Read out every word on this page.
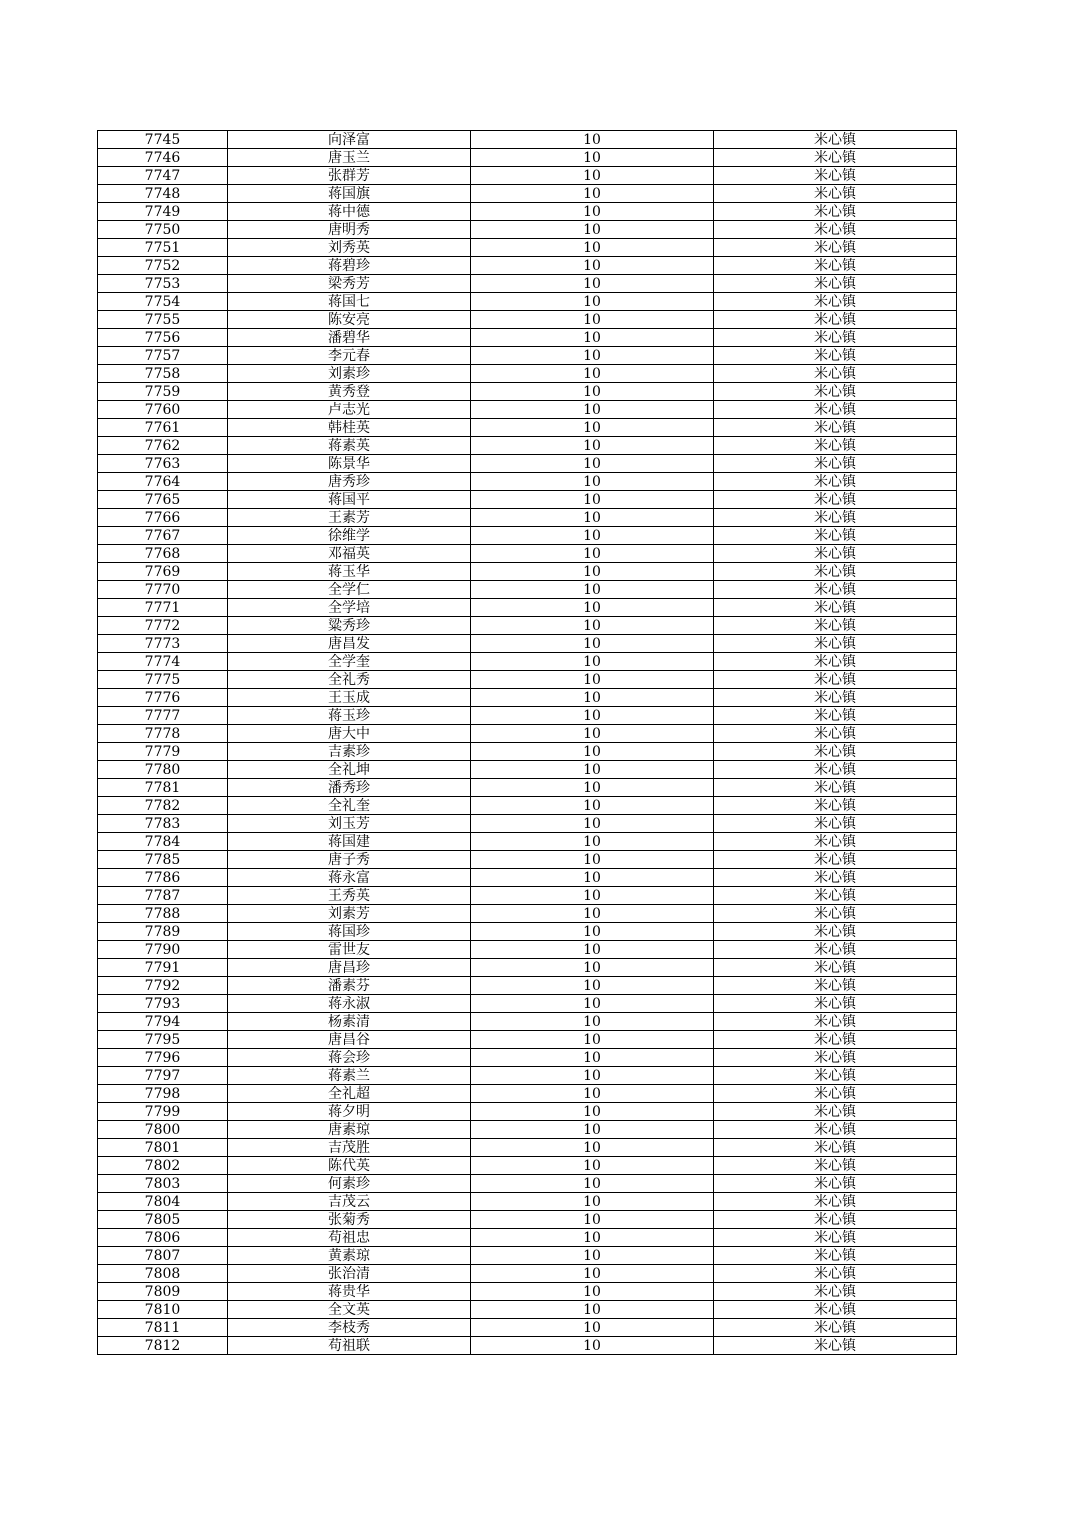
7745	向泽富	10	米心镇
7746	唐玉兰	10	米心镇
7747	张群芳	10	米心镇
7748	蒋国旗	10	米心镇
7749	蒋中德	10	米心镇
7750	唐明秀	10	米心镇
7751	刘秀英	10	米心镇
7752	蒋碧珍	10	米心镇
7753	梁秀芳	10	米心镇
7754	蒋国七	10	米心镇
7755	陈安亮	10	米心镇
7756	潘碧华	10	米心镇
7757	李元春	10	米心镇
7758	刘素珍	10	米心镇
7759	黄秀登	10	米心镇
7760	卢志光	10	米心镇
7761	韩桂英	10	米心镇
7762	蒋素英	10	米心镇
7763	陈景华	10	米心镇
7764	唐秀珍	10	米心镇
7765	蒋国平	10	米心镇
7766	王素芳	10	米心镇
7767	徐维学	10	米心镇
7768	邓福英	10	米心镇
7769	蒋玉华	10	米心镇
7770	全学仁	10	米心镇
7771	全学培	10	米心镇
7772	粱秀珍	10	米心镇
7773	唐昌发	10	米心镇
7774	全学奎	10	米心镇
7775	全礼秀	10	米心镇
7776	王玉成	10	米心镇
7777	蒋玉珍	10	米心镇
7778	唐大中	10	米心镇
7779	吉素珍	10	米心镇
7780	全礼坤	10	米心镇
7781	潘秀珍	10	米心镇
7782	全礼奎	10	米心镇
7783	刘玉芳	10	米心镇
7784	蒋国建	10	米心镇
7785	唐子秀	10	米心镇
7786	蒋永富	10	米心镇
7787	王秀英	10	米心镇
7788	刘素芳	10	米心镇
7789	蒋国珍	10	米心镇
7790	雷世友	10	米心镇
7791	唐昌珍	10	米心镇
7792	潘素芬	10	米心镇
7793	蒋永淑	10	米心镇
7794	杨素清	10	米心镇
7795	唐昌谷	10	米心镇
7796	蒋会珍	10	米心镇
7797	蒋素兰	10	米心镇
7798	全礼超	10	米心镇
7799	蒋夕明	10	米心镇
7800	唐素琼	10	米心镇
7801	吉茂胜	10	米心镇
7802	陈代英	10	米心镇
7803	何素珍	10	米心镇
7804	吉茂云	10	米心镇
7805	张菊秀	10	米心镇
7806	苟祖忠	10	米心镇
7807	黄素琼	10	米心镇
7808	张治清	10	米心镇
7809	蒋贵华	10	米心镇
7810	全文英	10	米心镇
7811	李枝秀	10	米心镇
7812	苟祖联	10	米心镇
